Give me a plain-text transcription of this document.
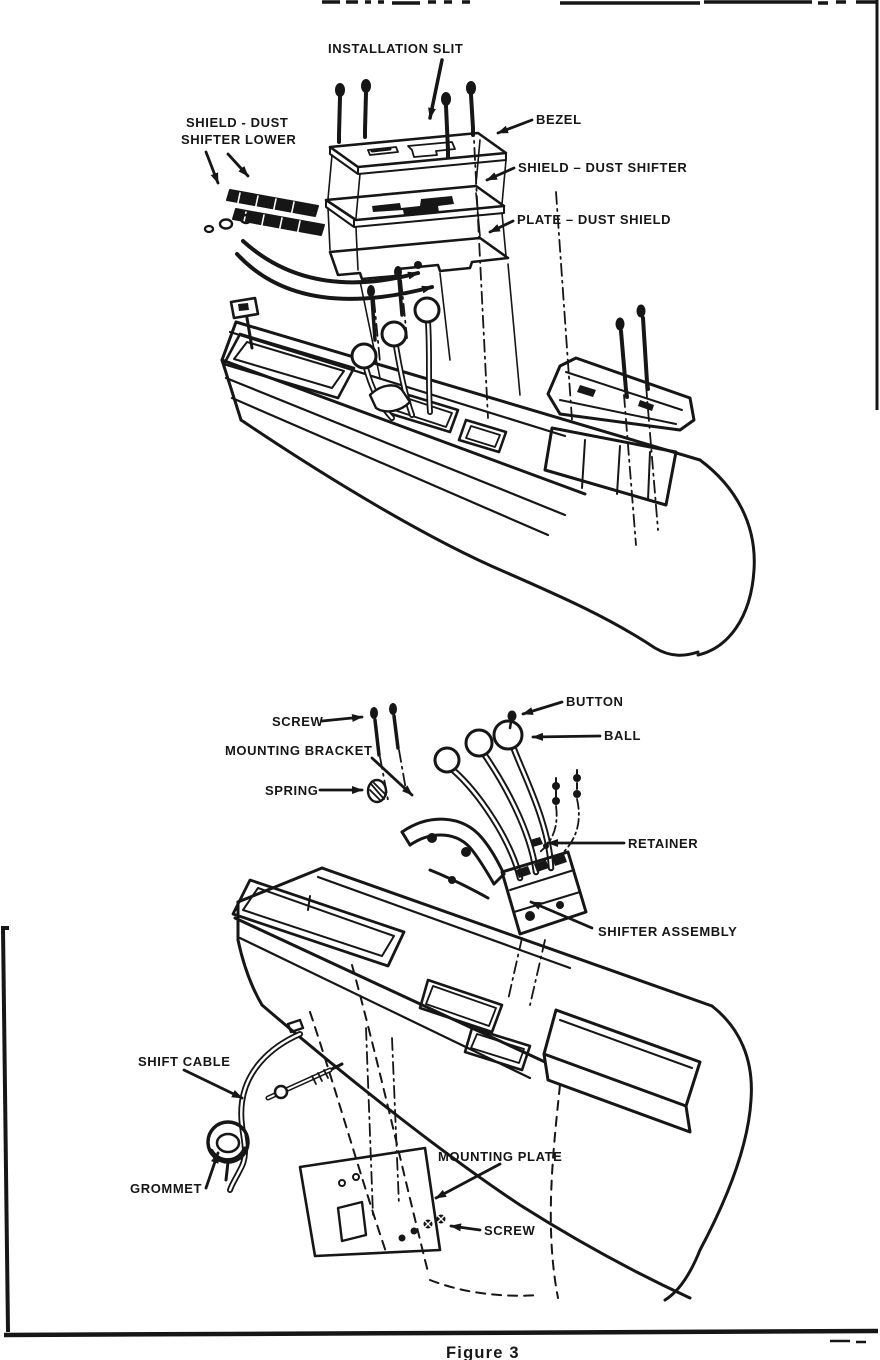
INSTALLATION SLIT
SHIELD - DUST
SHIFTER LOWER
BEZEL
SHIELD – DUST SHIFTER
PLATE – DUST SHIELD
SCREW
MOUNTING BRACKET
SPRING
BUTTON
BALL
RETAINER
SHIFTER ASSEMBLY
SHIFT CABLE
GROMMET
MOUNTING PLATE
SCREW
Figure 3
